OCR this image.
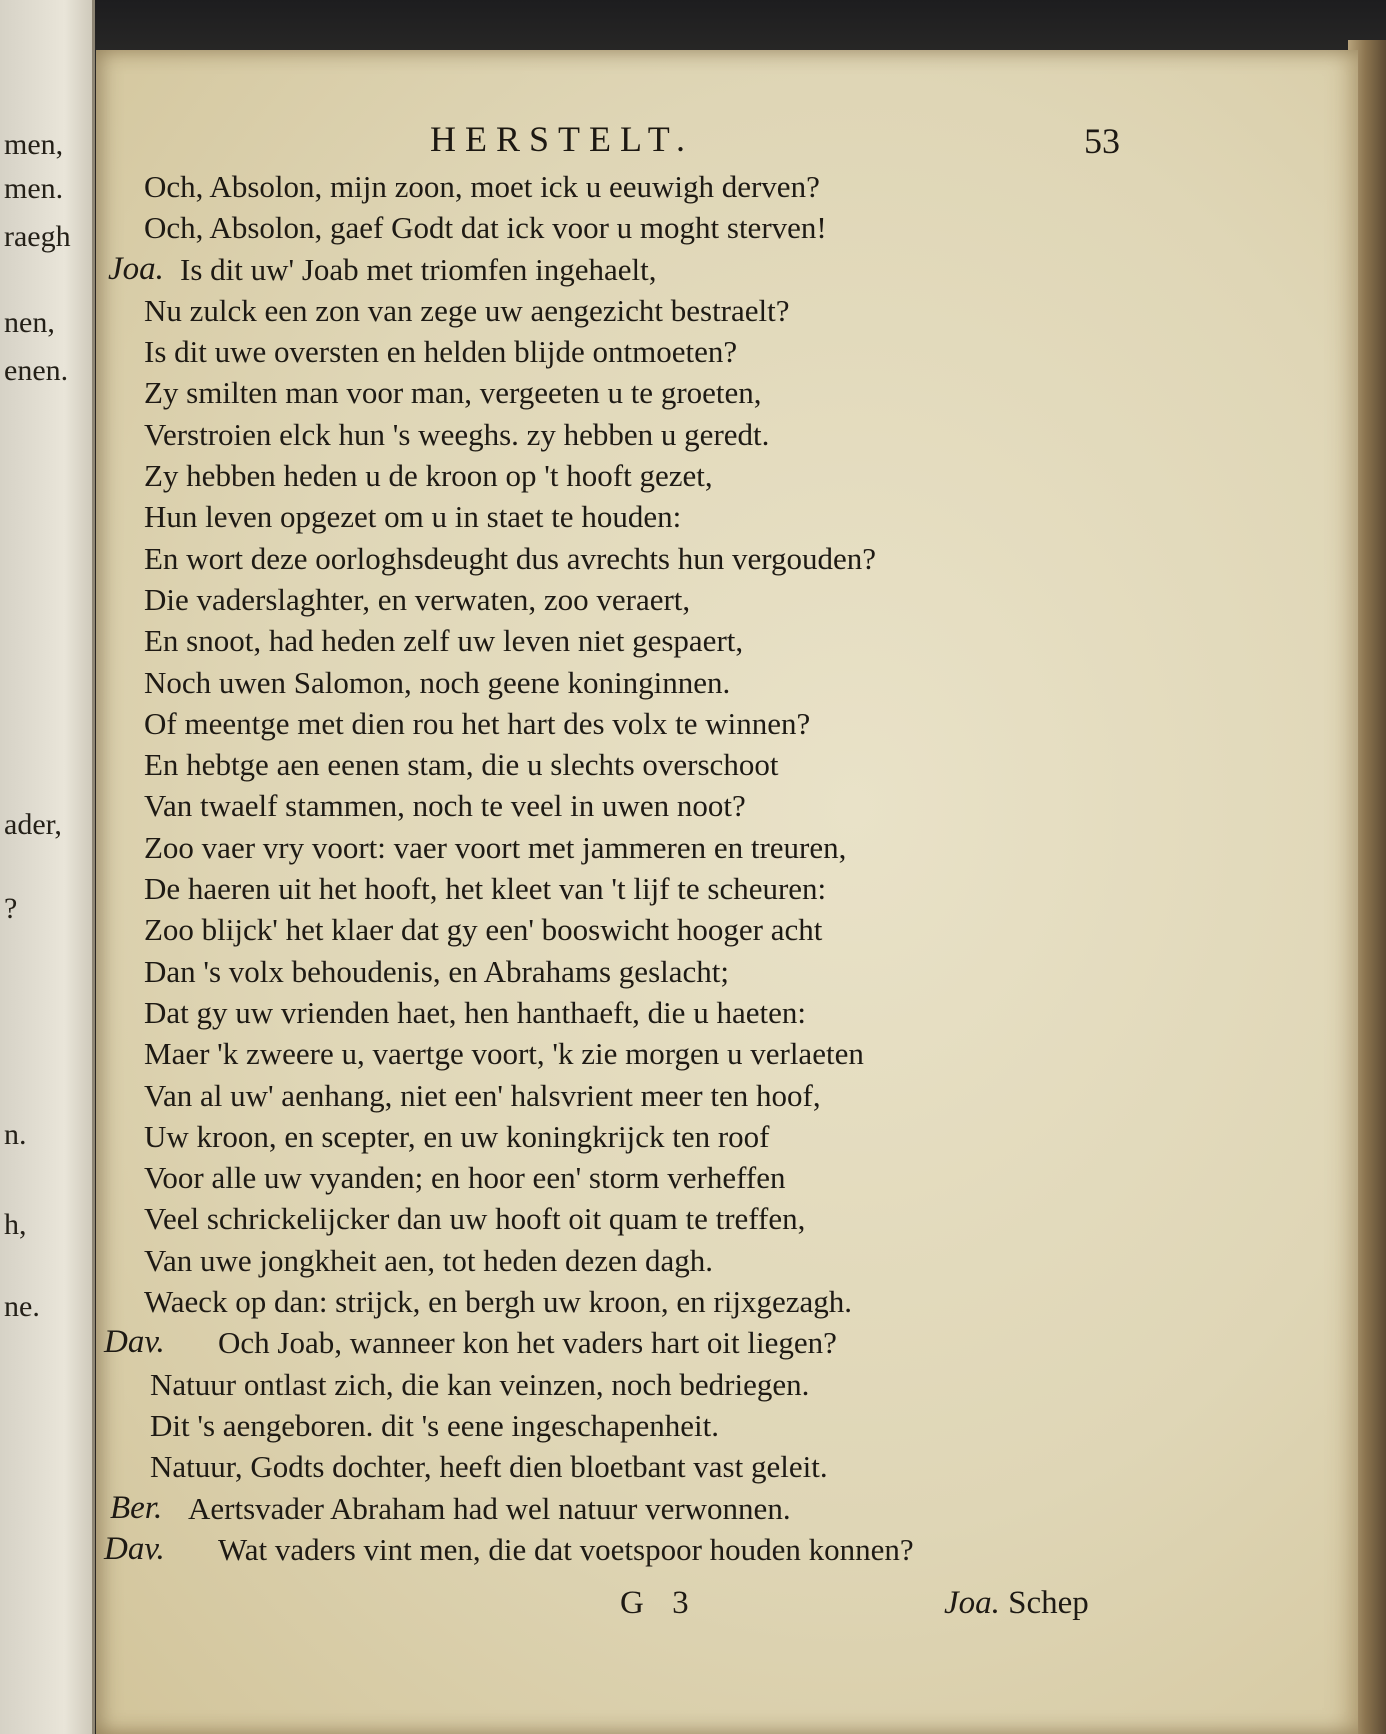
men,
men.
raegh
nen,
enen.
ader,
?
n.
h,
ne.
HERSTELT.	53
Och, Absolon, mijn zoon, moet ick u eeuwigh derven?
Och, Absolon, gaef Godt dat ick voor u moght sterven!
Joa. Is dit uw' Joab met triomfen ingehaelt,
Nu zulck een zon van zege uw aengezicht bestraelt?
Is dit uwe oversten en helden blijde ontmoeten?
Zy smilten man voor man, vergeeten u te groeten,
Verstroien elck hun 's weeghs. zy hebben u geredt.
Zy hebben heden u de kroon op 't hooft gezet,
Hun leven opgezet om u in staet te houden:
En wort deze oorloghsdeught dus avrechts hun vergouden?
Die vaderslaghter, en verwaten, zoo veraert,
En snoot, had heden zelf uw leven niet gespaert,
Noch uwen Salomon, noch geene koninginnen.
Of meentge met dien rou het hart des volx te winnen?
En hebtge aen eenen stam, die u slechts overschoot
Van twaelf stammen, noch te veel in uwen noot?
Zoo vaer vry voort: vaer voort met jammeren en treuren,
De haeren uit het hooft, het kleet van 't lijf te scheuren:
Zoo blijck' het klaer dat gy een' booswicht hooger acht
Dan 's volx behoudenis, en Abrahams geslacht;
Dat gy uw vrienden haet, hen hanthaeft, die u haeten:
Maer 'k zweere u, vaertge voort, 'k zie morgen u verlaeten
Van al uw' aenhang, niet een' halsvrient meer ten hoof,
Uw kroon, en scepter, en uw koningkrijck ten roof
Voor alle uw vyanden; en hoor een' storm verheffen
Veel schrickelijcker dan uw hooft oit quam te treffen,
Van uwe jongkheit aen, tot heden dezen dagh.
Waeck op dan: strijck, en bergh uw kroon, en rijxgezagh.
Dav. Och Joab, wanneer kon het vaders hart oit liegen?
Natuur ontlast zich, die kan veinzen, noch bedriegen.
Dit 's aengeboren. dit 's eene ingeschapenheit.
Natuur, Godts dochter, heeft dien bloetbant vast geleit.
Ber. Aertsvader Abraham had wel natuur verwonnen.
Dav. Wat vaders vint men, die dat voetspoor houden konnen?
G 3	Joa. Schep
